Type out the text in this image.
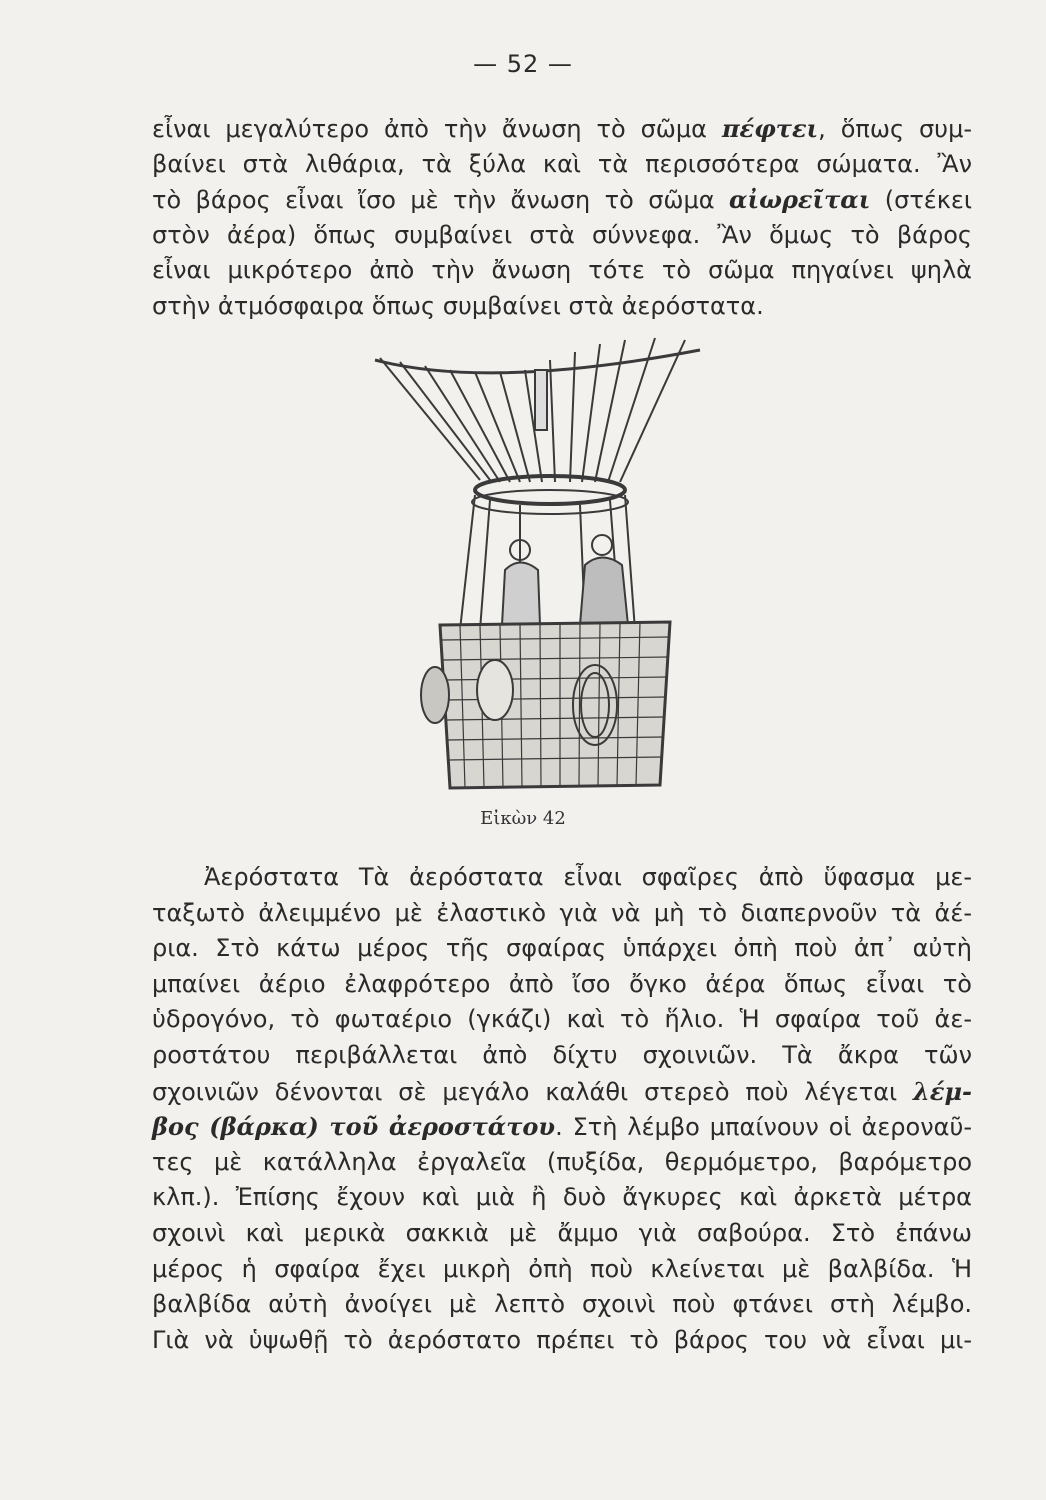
— 52 —
εἶναι μεγαλύτερο ἀπὸ τὴν ἄνωση τὸ σῶμα πέφτει, ὅπως συμ-
βαίνει στὰ λιθάρια, τὰ ξύλα καὶ τὰ περισσότερα σώματα. Ἂν
τὸ βάρος εἶναι ἴσο μὲ τὴν ἄνωση τὸ σῶμα αἰωρεῖται (στέκει
στὸν ἀέρα) ὅπως συμβαίνει στὰ σύννεφα. Ἂν ὅμως τὸ βάρος
εἶναι μικρότερο ἀπὸ τὴν ἄνωση τότε τὸ σῶμα πηγαίνει ψηλὰ
στὴν ἀτμόσφαιρα ὅπως συμβαίνει στὰ ἀερόστατα.
Εἰκὼν 42
Ἀερόστατα Τὰ ἀερόστατα εἶναι σφαῖρες ἀπὸ ὕφασμα με-
ταξωτὸ ἀλειμμένο μὲ ἐλαστικὸ γιὰ νὰ μὴ τὸ διαπερνοῦν τὰ ἀέ-
ρια. Στὸ κάτω μέρος τῆς σφαίρας ὑπάρχει ὀπὴ ποὺ ἀπ᾽ αὐτὴ
μπαίνει ἀέριο ἐλαφρότερο ἀπὸ ἴσο ὄγκο ἀέρα ὅπως εἶναι τὸ
ὑδρογόνο, τὸ φωταέριο (γκάζι) καὶ τὸ ἥλιο. Ἡ σφαίρα τοῦ ἀε-
ροστάτου περιβάλλεται ἀπὸ δίχτυ σχοινιῶν. Τὰ ἄκρα τῶν
σχοινιῶν δένονται σὲ μεγάλο καλάθι στερεὸ ποὺ λέγεται λέμ-
βος (βάρκα) τοῦ ἀεροστάτου. Στὴ λέμβο μπαίνουν οἱ ἀεροναῦ-
τες μὲ κατάλληλα ἐργαλεῖα (πυξίδα, θερμόμετρο, βαρόμετρο
κλπ.). Ἐπίσης ἔχουν καὶ μιὰ ἢ δυὸ ἄγκυρες καὶ ἀρκετὰ μέτρα
σχοινὶ καὶ μερικὰ σακκιὰ μὲ ἄμμο γιὰ σαβούρα. Στὸ ἐπάνω
μέρος ἡ σφαίρα ἔχει μικρὴ ὀπὴ ποὺ κλείνεται μὲ βαλβίδα. Ἡ
βαλβίδα αὐτὴ ἀνοίγει μὲ λεπτὸ σχοινὶ ποὺ φτάνει στὴ λέμβο.
Γιὰ νὰ ὑψωθῇ τὸ ἀερόστατο πρέπει τὸ βάρος του νὰ εἶναι μι-
